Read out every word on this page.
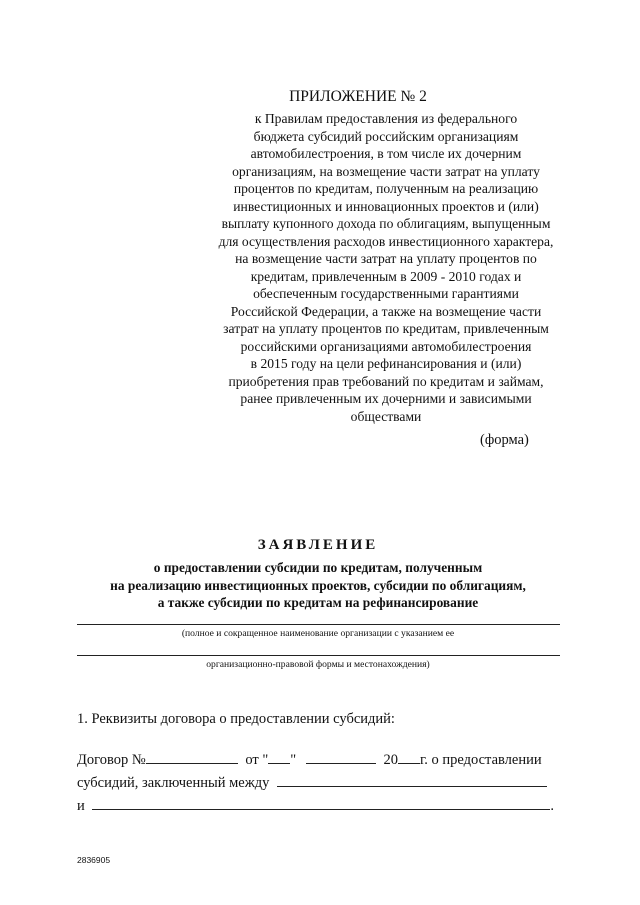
ПРИЛОЖЕНИЕ № 2
к Правилам предоставления из федерального
бюджета субсидий российским организациям
автомобилестроения, в том числе их дочерним
организациям, на возмещение части затрат на уплату
процентов по кредитам, полученным на реализацию
инвестиционных и инновационных проектов и (или)
выплату купонного дохода по облигациям, выпущенным
для осуществления расходов инвестиционного характера,
на возмещение части затрат на уплату процентов по
кредитам, привлеченным в 2009 - 2010 годах и
обеспеченным государственными гарантиями
Российской Федерации, а также на возмещение части
затрат на уплату процентов по кредитам, привлеченным
российскими организациями автомобилестроения
в 2015 году на цели рефинансирования и (или)
приобретения прав требований по кредитам и займам,
ранее привлеченным их дочерними и зависимыми
обществами
(форма)
ЗАЯВЛЕНИЕ
о предоставлении субсидии по кредитам, полученным
на реализацию инвестиционных проектов, субсидии по облигациям,
а также субсидии по кредитам на рефинансирование
(полное и сокращенное наименование организации с указанием ее
организационно-правовой формы и местонахождения)
1. Реквизиты договора о предоставлении субсидий:
Договор №	от " "	20 г. о предоставлении
субсидий, заключенный между
и	.
2836905
